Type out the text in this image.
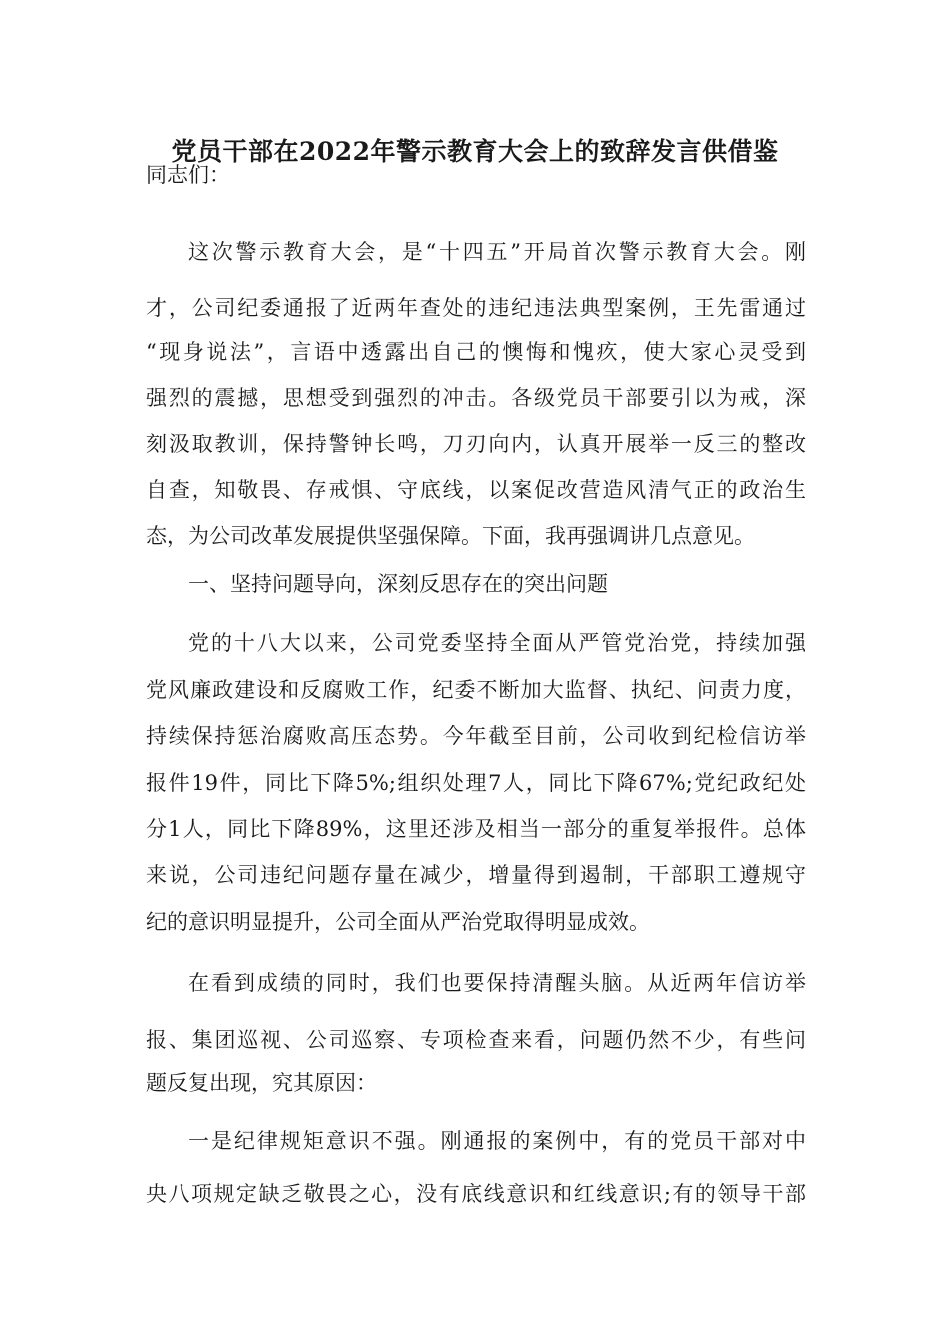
党员干部在2022年警示教育大会上的致辞发言供借鉴
同志们：
这次警示教育大会，是“十四五”开局首次警示教育大会。刚
才，公司纪委通报了近两年查处的违纪违法典型案例，王先雷通过
“现身说法”，言语中透露出自己的懊悔和愧疚，使大家心灵受到
强烈的震撼，思想受到强烈的冲击。各级党员干部要引以为戒，深
刻汲取教训，保持警钟长鸣，刀刃向内，认真开展举一反三的整改
自查，知敬畏、存戒惧、守底线，以案促改营造风清气正的政治生
态，为公司改革发展提供坚强保障。下面，我再强调讲几点意见。
一、坚持问题导向，深刻反思存在的突出问题
党的十八大以来，公司党委坚持全面从严管党治党，持续加强
党风廉政建设和反腐败工作，纪委不断加大监督、执纪、问责力度，
持续保持惩治腐败高压态势。今年截至目前，公司收到纪检信访举
报件19件，同比下降5%;组织处理7人，同比下降67%;党纪政纪处
分1人，同比下降89%，这里还涉及相当一部分的重复举报件。总体
来说，公司违纪问题存量在减少，增量得到遏制，干部职工遵规守
纪的意识明显提升，公司全面从严治党取得明显成效。
在看到成绩的同时，我们也要保持清醒头脑。从近两年信访举
报、集团巡视、公司巡察、专项检查来看，问题仍然不少，有些问
题反复出现，究其原因：
一是纪律规矩意识不强。刚通报的案例中，有的党员干部对中
央八项规定缺乏敬畏之心，没有底线意识和红线意识;有的领导干部
